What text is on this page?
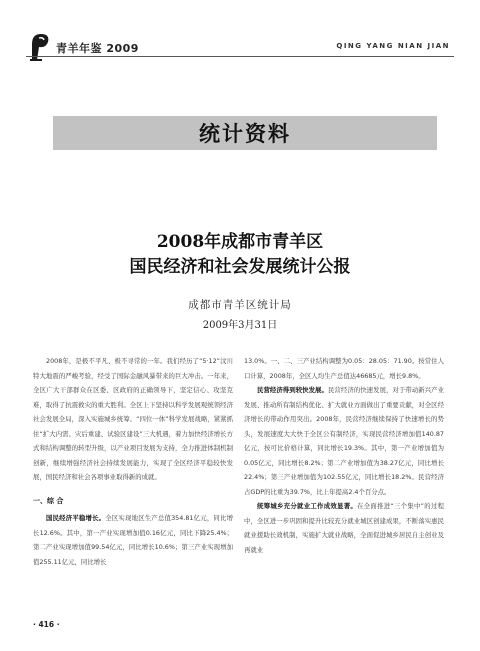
青羊年鉴 2009	QING YANG NIAN JIAN
统计资料
2008年成都市青羊区
国民经济和社会发展统计公报
成都市青羊区统计局
2009年3月31日

2008年，是极不平凡、极不寻常的一年。我们经历了“5·12”汶川特大地震的严峻考验，经受了国际金融风暴带来的巨大冲击。一年来，全区广大干部群众在区委、区政府的正确领导下，坚定信心、攻坚克难，取得了抗震救灾的重大胜利。全区上下坚持以科学发展观统领经济社会发展全局，深入实施城乡统筹、“四位一体”科学发展战略，紧紧抓住“扩大内需、灾后重建、试验区建设”三大机遇，着力加快经济增长方式和结构调整的转型升级，以产业项目发展为支持，全力推进体制机制创新，继续增强经济社会持续发展能力，实现了全区经济平稳较快发展，国民经济和社会各项事业取得新的成就。

一、综 合

国民经济平稳增长。全区实现地区生产总值354.81亿元，同比增长12.6%。其中，第一产业实现增加值0.16亿元，同比下降25.4%；第二产业实现增加值99.54亿元，同比增长10.6%；第三产业实现增加值255.11亿元，同比增长

13.0%。一、二、三产业结构调整为0.05：28.05：71.90。按常住人口计算，2008年，全区人均生产总值达46685元，增长9.8%。

民营经济得到较快发展。民营经济的快速发展，对于带动新兴产业发展、推动所有制结构优化、扩大就业方面做出了重要贡献，对全区经济增长的带动作用突出。2008年，民营经济继续保持了快速增长的势头，发展速度大大快于全区公有制经济，实现民营经济增加值140.87亿元，按可比价格计算，同比增长19.3%。其中，第一产业增加值为0.05亿元，同比增长8.2%；第二产业增加值为38.27亿元，同比增长22.4%；第三产业增加值为102.55亿元，同比增长18.2%。民营经济占GDP的比重为39.7%，比上年提高2.4个百分点。

统筹城乡充分就业工作成效显著。在全面推进“三个集中”的过程中，全区进一步巩固和提升比较充分就业城区创建成果，不断落实惠民就业援助长效机制，实施扩大就业战略，全面促进城乡居民自主创业及再就业

· 416 ·
